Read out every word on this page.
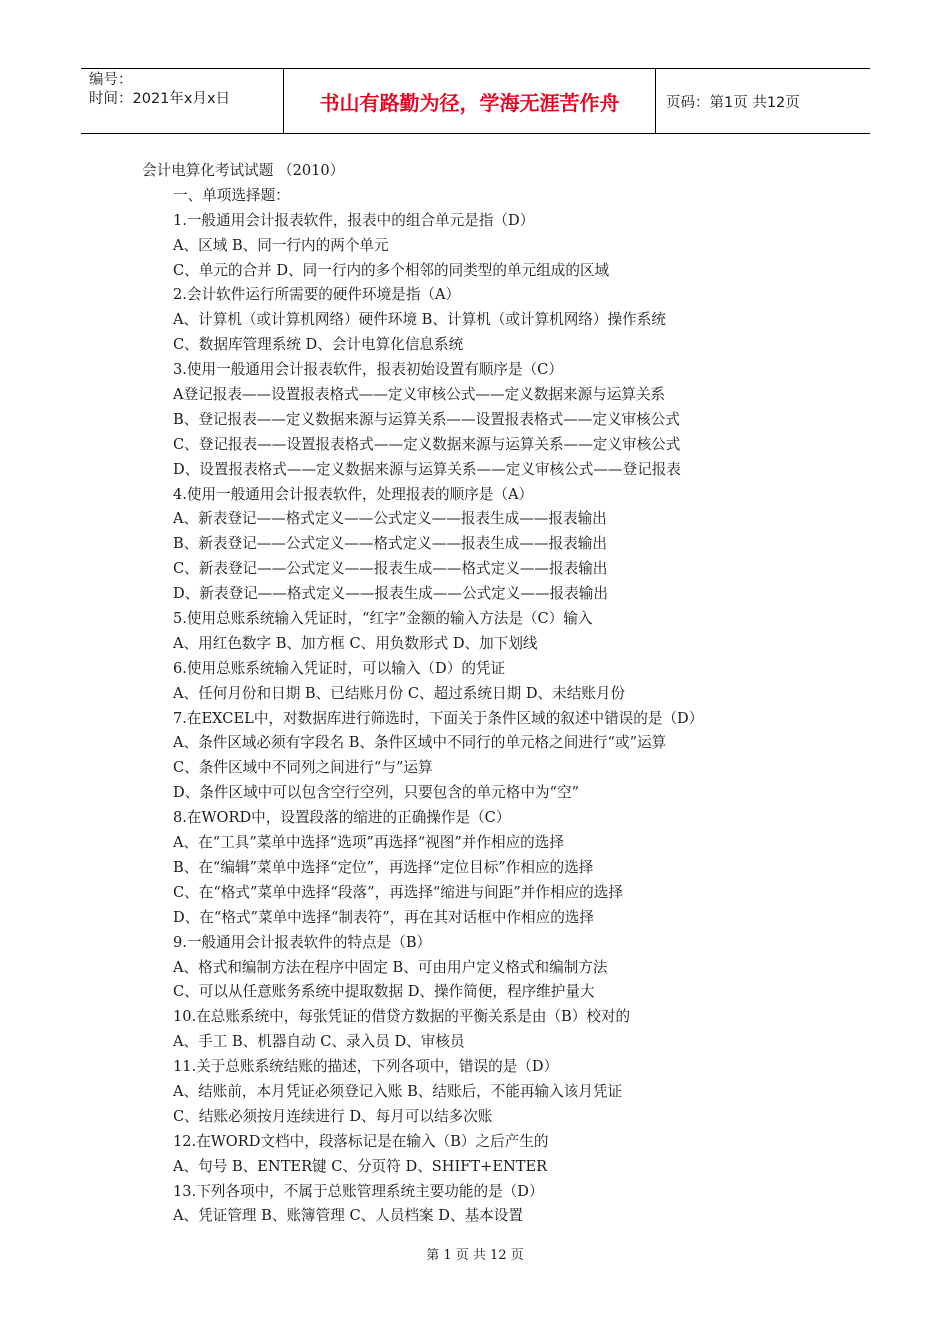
编号：
时间：2021年x月x日	书山有路勤为径，学海无涯苦作舟	页码：第1页 共12页
会计电算化考试试题 （2010）
一、单项选择题：
1.一般通用会计报表软件，报表中的组合单元是指（D）
A、区域 B、同一行内的两个单元
C、单元的合并 D、同一行内的多个相邻的同类型的单元组成的区域
2.会计软件运行所需要的硬件环境是指（A）
A、计算机（或计算机网络）硬件环境 B、计算机（或计算机网络）操作系统
C、数据库管理系统 D、会计电算化信息系统
3.使用一般通用会计报表软件，报表初始设置有顺序是（C）
A登记报表——设置报表格式——定义审核公式——定义数据来源与运算关系
B、登记报表——定义数据来源与运算关系——设置报表格式——定义审核公式
C、登记报表——设置报表格式——定义数据来源与运算关系——定义审核公式
D、设置报表格式——定义数据来源与运算关系——定义审核公式——登记报表
4.使用一般通用会计报表软件，处理报表的顺序是（A）
A、新表登记——格式定义——公式定义——报表生成——报表输出
B、新表登记——公式定义——格式定义——报表生成——报表输出
C、新表登记——公式定义——报表生成——格式定义——报表输出
D、新表登记——格式定义——报表生成——公式定义——报表输出
5.使用总账系统输入凭证时，“红字”金额的输入方法是（C）输入
A、用红色数字 B、加方框 C、用负数形式 D、加下划线
6.使用总账系统输入凭证时，可以输入（D）的凭证
A、任何月份和日期 B、已结账月份 C、超过系统日期 D、未结账月份
7.在EXCEL中，对数据库进行筛选时，下面关于条件区域的叙述中错误的是（D）
A、条件区域必须有字段名 B、条件区域中不同行的单元格之间进行“或”运算
C、条件区域中不同列之间进行“与”运算
D、条件区域中可以包含空行空列，只要包含的单元格中为“空”
8.在WORD中，设置段落的缩进的正确操作是（C）
A、在“工具”菜单中选择“选项”再选择“视图”并作相应的选择
B、在“编辑”菜单中选择“定位”，再选择“定位目标”作相应的选择
C、在“格式”菜单中选择“段落”，再选择“缩进与间距”并作相应的选择
D、在“格式”菜单中选择“制表符”，再在其对话框中作相应的选择
9.一般通用会计报表软件的特点是（B）
A、格式和编制方法在程序中固定 B、可由用户定义格式和编制方法
C、可以从任意账务系统中提取数据 D、操作简便，程序维护量大
10.在总账系统中，每张凭证的借贷方数据的平衡关系是由（B）校对的
A、手工 B、机器自动 C、录入员 D、审核员
11.关于总账系统结账的描述，下列各项中，错误的是（D）
A、结账前，本月凭证必须登记入账 B、结账后，不能再输入该月凭证
C、结账必须按月连续进行 D、每月可以结多次账
12.在WORD文档中，段落标记是在输入（B）之后产生的
A、句号 B、ENTER键 C、分页符 D、SHIFT+ENTER
13.下列各项中，不属于总账管理系统主要功能的是（D）
A、凭证管理 B、账簿管理 C、人员档案 D、基本设置
第 1 页 共 12 页
